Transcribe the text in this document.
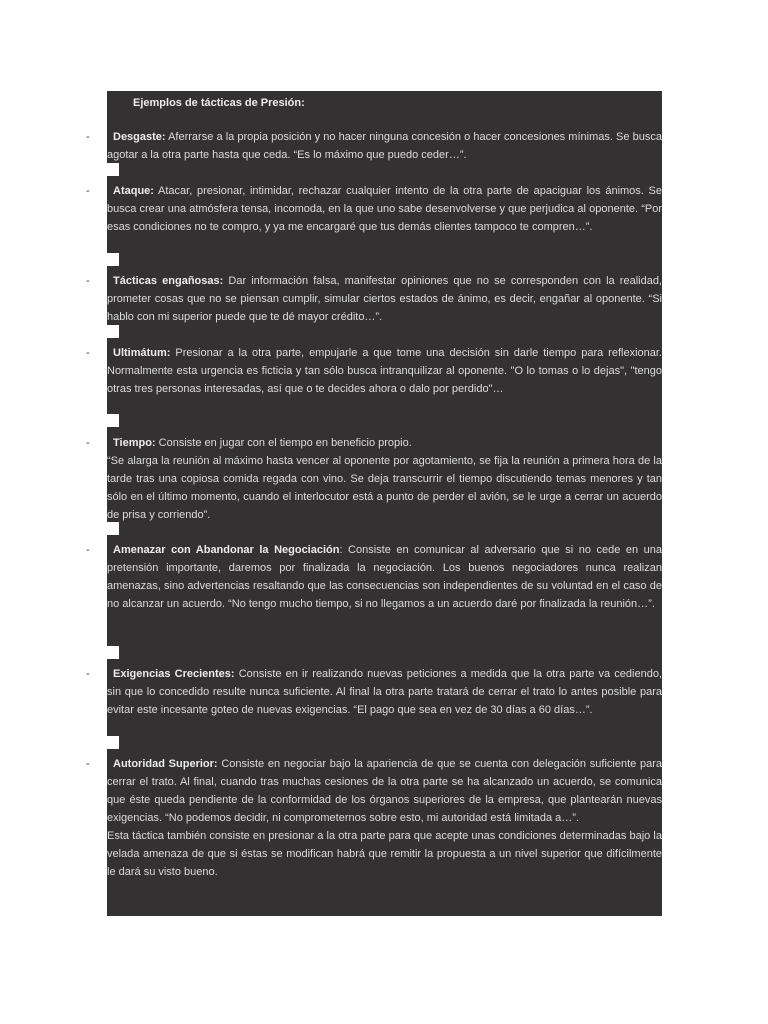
Ejemplos de tácticas de Presión:
-
-
-
-
-
-
-
-

Desgaste: Aferrarse a la propia posición y no hacer ninguna concesión o hacer concesiones mínimas. Se busca agotar a la otra parte hasta que ceda. “Es lo máximo que puedo ceder…”.

Ataque: Atacar, presionar, intimidar, rechazar cualquier intento de la otra parte de apaciguar los ánimos. Se busca crear una atmósfera tensa, incomoda, en la que uno sabe desenvolverse y que perjudica al oponente. “Por esas condiciones no te compro, y ya me encargaré que tus demás clientes tampoco te compren…”.

Tácticas engañosas: Dar información falsa, manifestar opiniones que no se corresponden con la realidad, prometer cosas que no se piensan cumplir, simular ciertos estados de ánimo, es decir, engañar al oponente. “Si hablo con mi superior puede que te dé mayor crédito…”.

Ultimátum: Presionar a la otra parte, empujarle a que tome una decisión sin darle tiempo para reflexionar. Normalmente esta urgencia es ficticia y tan sólo busca intranquilizar al oponente. "O lo tomas o lo dejas", "tengo otras tres personas interesadas, así que o te decides ahora o dalo por perdido"…

Tiempo: Consiste en jugar con el tiempo en beneficio propio.
“Se alarga la reunión al máximo hasta vencer al oponente por agotamiento, se fija la reunión a primera hora de la tarde tras una copiosa comida regada con vino. Se deja transcurrir el tiempo discutiendo temas menores y tan sólo en el último momento, cuando el interlocutor está a punto de perder el avión, se le urge a cerrar un acuerdo de prisa y corriendo”.

Amenazar con Abandonar la Negociación: Consiste en comunicar al adversario que si no cede en una pretensión importante, daremos por finalizada la negociación. Los buenos negociadores nunca realizan amenazas, sino advertencias resaltando que las consecuencias son independientes de su voluntad en el caso de no alcanzar un acuerdo. “No tengo mucho tiempo, si no llegamos a un acuerdo daré por finalizada la reunión…”.

Exigencias Crecientes: Consiste en ir realizando nuevas peticiones a medida que la otra parte va cediendo, sin que lo concedido resulte nunca suficiente. Al final la otra parte tratará de cerrar el trato lo antes posible para evitar este incesante goteo de nuevas exigencias. “El pago que sea en vez de 30 días a 60 días…”.

Autoridad Superior: Consiste en negociar bajo la apariencia de que se cuenta con delegación suficiente para cerrar el trato. Al final, cuando tras muchas cesiones de la otra parte se ha alcanzado un acuerdo, se comunica que éste queda pendiente de la conformidad de los órganos superiores de la empresa, que plantearán nuevas exigencias. “No podemos decidir, ni comprometernos sobre esto, mi autoridad está limitada a…”.
Esta táctica también consiste en presionar a la otra parte para que acepte unas condiciones determinadas bajo la velada amenaza de que si éstas se modifican habrá que remitir la propuesta a un nivel superior que difícilmente le dará su visto bueno.
